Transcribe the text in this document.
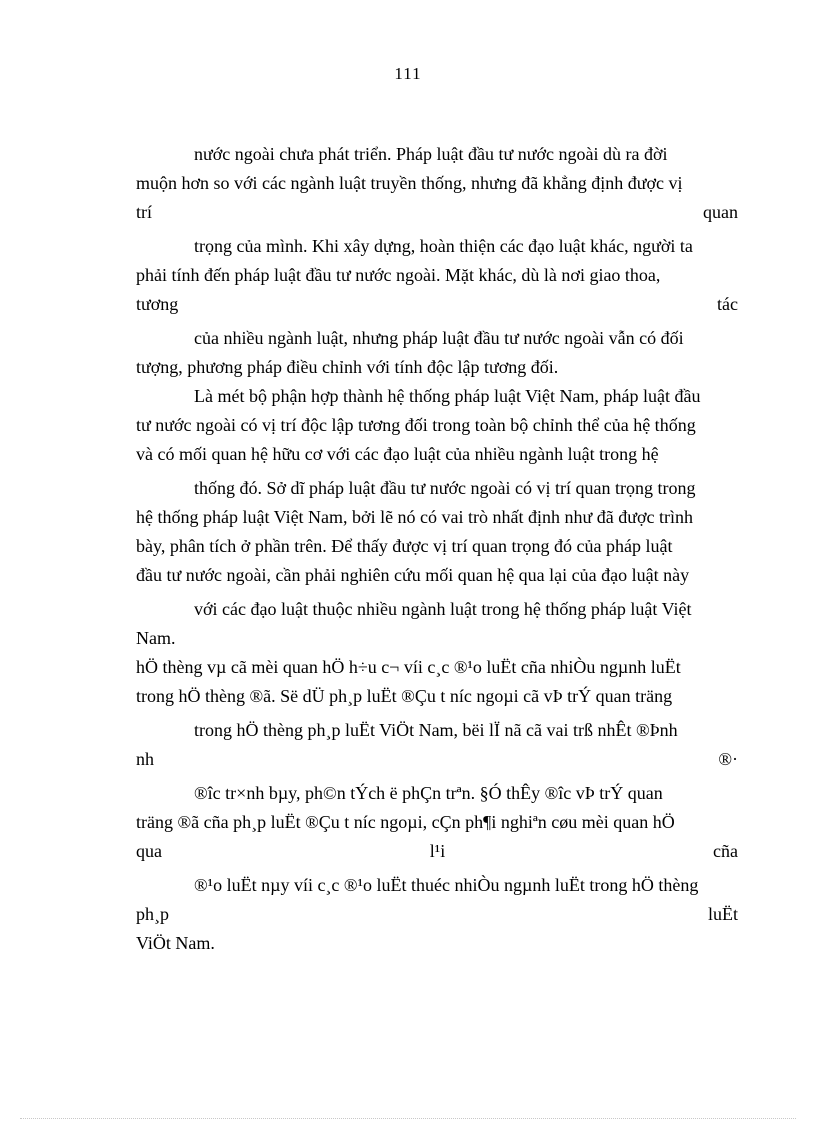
111
nước ngoài chưa phát triển. Pháp luật đầu tư nước ngoài dù ra đời
muộn hơn so với các ngành luật truyền thống, nhưng đã khẳng định được vị
trí	quan
trọng của mình. Khi xây dựng, hoàn thiện các đạo luật khác, người ta
phải tính đến pháp luật đầu tư nước ngoài. Mặt khác, dù là nơi giao thoa,
tương	tác
của nhiều ngành luật, nhưng pháp luật đầu tư nước ngoài vẫn có đối
tượng, phương pháp điều chỉnh với tính độc lập tương đối.
Là mét bộ phận hợp thành hệ thống pháp luật Việt Nam, pháp luật đầu
tư nước ngoài có vị trí độc lập tương đối trong toàn bộ chỉnh thể của hệ thống
và có mối quan hệ hữu cơ với các đạo luật của nhiều ngành luật trong hệ
thống đó. Sở dĩ pháp luật đầu tư nước ngoài có vị trí quan trọng trong
hệ thống pháp luật Việt Nam, bởi lẽ nó có vai trò nhất định như đã được trình
bày, phân tích ở phần trên. Để thấy được vị trí quan trọng đó của pháp luật
đầu tư nước ngoài, cần phải nghiên cứu mối quan hệ qua lại của đạo luật này
với các đạo luật thuộc nhiều ngành luật trong hệ thống pháp luật Việt
Nam.
hÖ thèng vµ cã mèi quan hÖ h÷u c¬ víi c¸c ®¹o luËt cña nhiÒu ngµnh luËt
trong hÖ thèng ®ã. Së dÜ ph¸p luËt ®Çu t níc ngoµi cã vÞ trÝ quan träng
trong hÖ thèng ph¸p luËt ViÖt Nam, bëi lÏ nã cã vai trß nhÊt ®Þnh
nh	®·
®îc tr×nh bµy, ph©n tÝch ë phÇn trªn. §Ó thÊy ®îc vÞ trÝ quan
träng ®ã cña ph¸p luËt ®Çu t níc ngoµi, cÇn ph¶i nghiªn cøu mèi quan hÖ
qua	l¹i	cña
®¹o luËt nµy víi c¸c ®¹o luËt thuéc nhiÒu ngµnh luËt trong hÖ thèng
ph¸p	luËt
ViÖt Nam.
